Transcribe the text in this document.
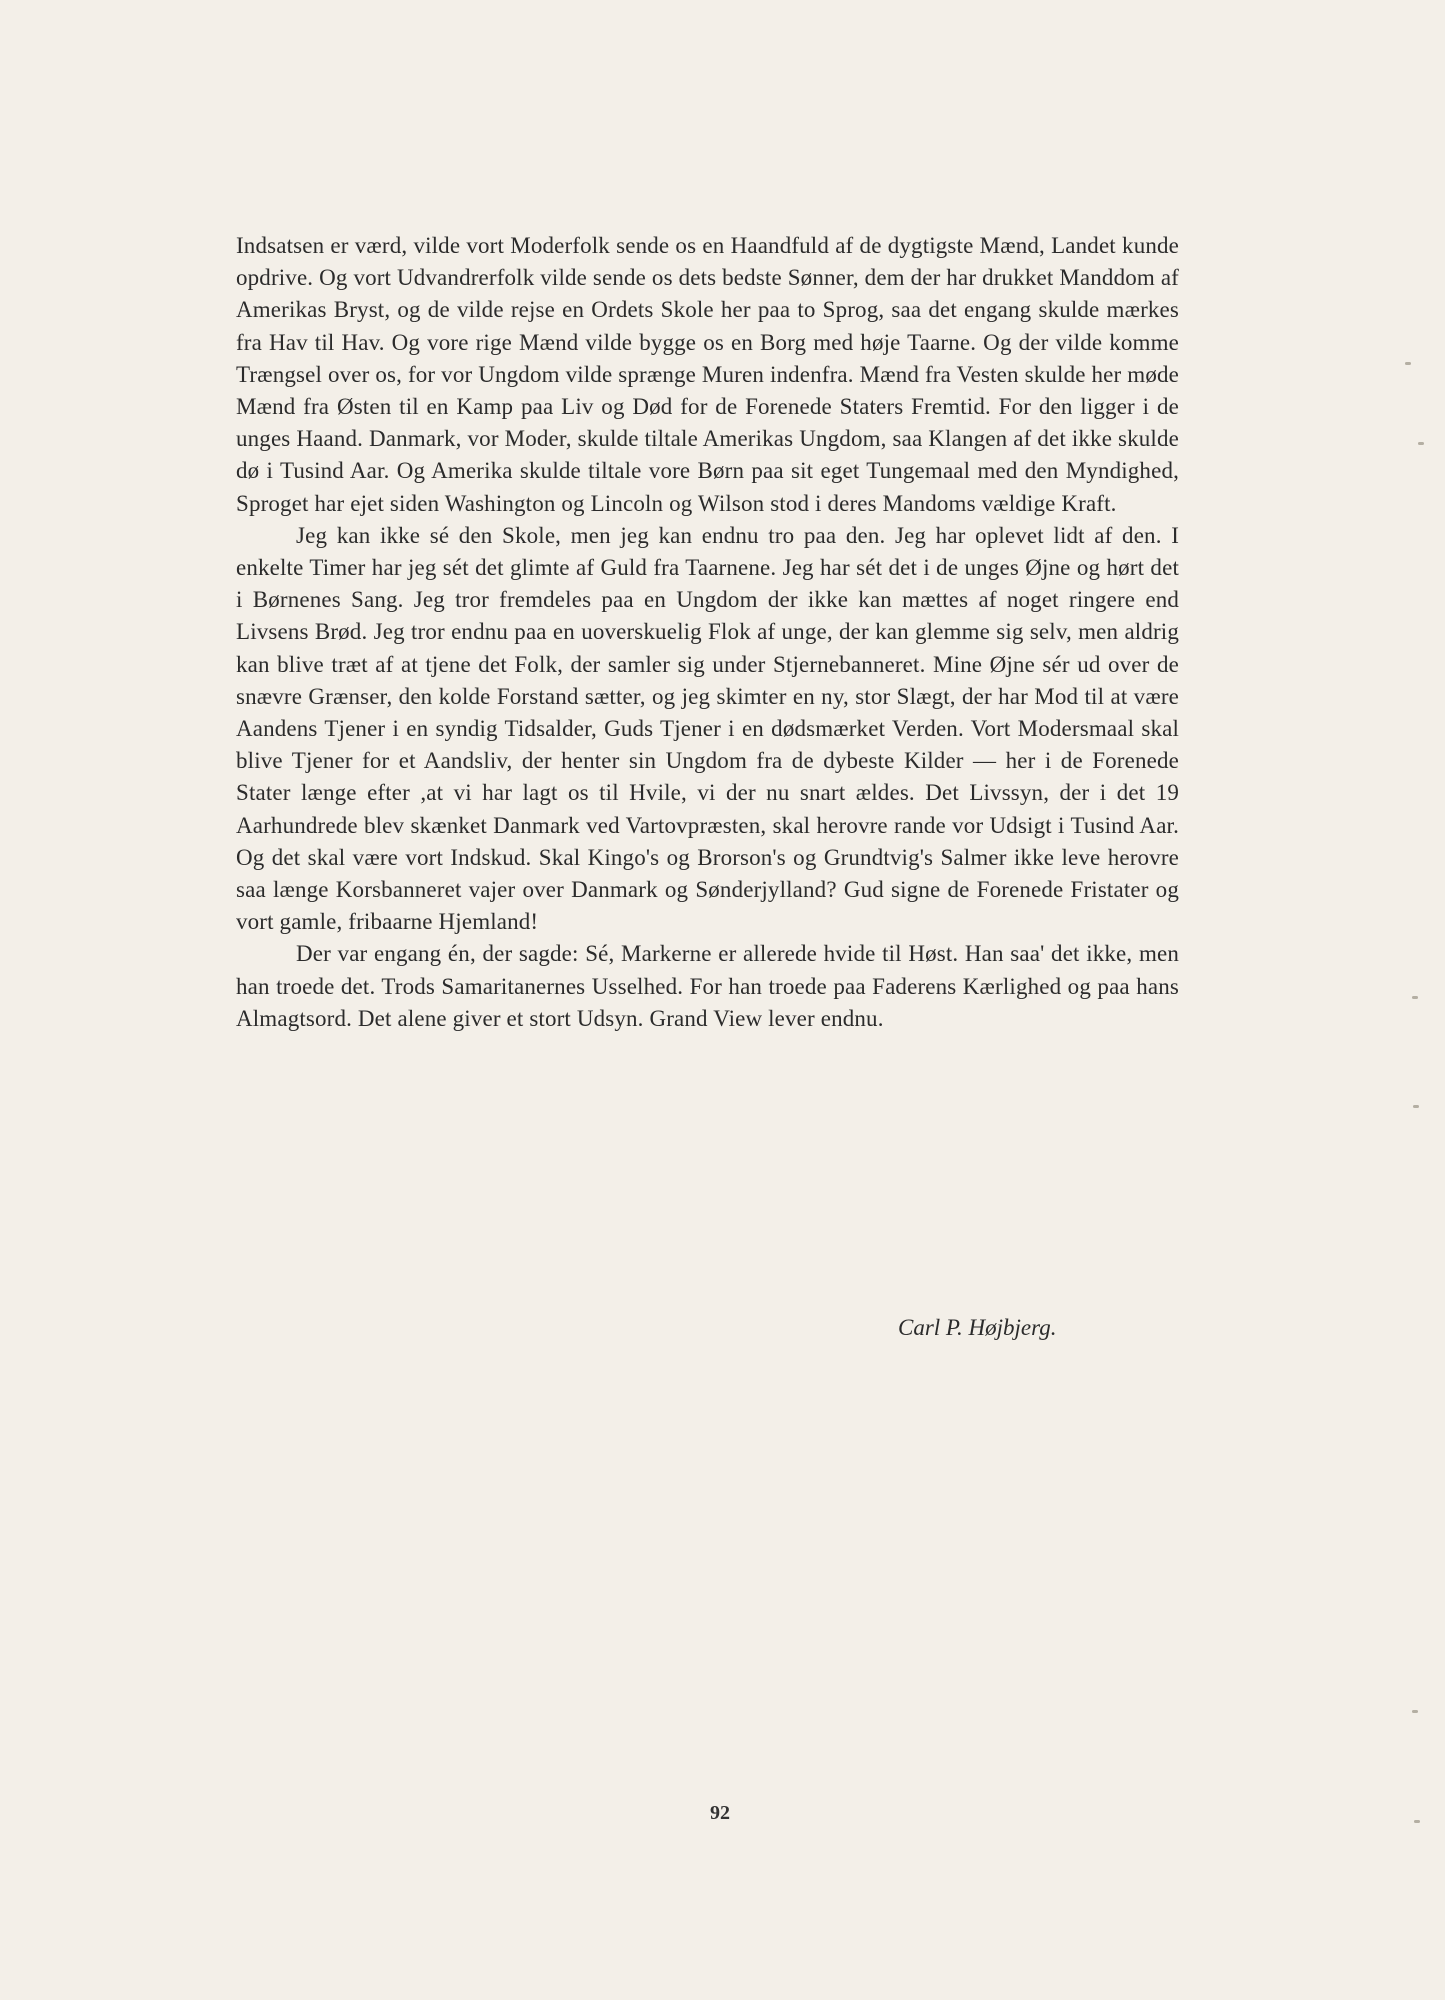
Indsatsen er værd, vilde vort Moderfolk sende os en Haandfuld af de dygtigste Mænd, Landet kunde opdrive. Og vort Udvandrerfolk vilde sende os dets bedste Sønner, dem der har drukket Manddom af Amerikas Bryst, og de vilde rejse en Ordets Skole her paa to Sprog, saa det engang skulde mærkes fra Hav til Hav. Og vore rige Mænd vilde bygge os en Borg med høje Taarne. Og der vilde komme Trængsel over os, for vor Ungdom vilde sprænge Muren indenfra. Mænd fra Vesten skulde her møde Mænd fra Østen til en Kamp paa Liv og Død for de Forenede Staters Fremtid. For den ligger i de unges Haand. Danmark, vor Moder, skulde tiltale Amerikas Ungdom, saa Klangen af det ikke skulde dø i Tusind Aar. Og Amerika skulde tiltale vore Børn paa sit eget Tungemaal med den Myndighed, Sproget har ejet siden Washington og Lincoln og Wilson stod i deres Mandoms vældige Kraft.

Jeg kan ikke sé den Skole, men jeg kan endnu tro paa den. Jeg har oplevet lidt af den. I enkelte Timer har jeg sét det glimte af Guld fra Taarnene. Jeg har sét det i de unges Øjne og hørt det i Børnenes Sang. Jeg tror fremdeles paa en Ungdom der ikke kan mættes af noget ringere end Livsens Brød. Jeg tror endnu paa en uoverskuelig Flok af unge, der kan glemme sig selv, men aldrig kan blive træt af at tjene det Folk, der samler sig under Stjernebanneret. Mine Øjne sér ud over de snævre Grænser, den kolde Forstand sætter, og jeg skimter en ny, stor Slægt, der har Mod til at være Aandens Tjener i en syndig Tidsalder, Guds Tjener i en dødsmærket Verden. Vort Modersmaal skal blive Tjener for et Aandsliv, der henter sin Ungdom fra de dybeste Kilder — her i de Forenede Stater længe efter ,at vi har lagt os til Hvile, vi der nu snart ældes. Det Livssyn, der i det 19 Aarhundrede blev skænket Danmark ved Vartovpræsten, skal herovre rande vor Udsigt i Tusind Aar. Og det skal være vort Indskud. Skal Kingo's og Brorson's og Grundtvig's Salmer ikke leve herovre saa længe Korsbanneret vajer over Danmark og Sønderjylland? Gud signe de Forenede Fristater og vort gamle, fribaarne Hjemland!

Der var engang én, der sagde: Sé, Markerne er allerede hvide til Høst. Han saa' det ikke, men han troede det. Trods Samaritanernes Usselhed. For han troede paa Faderens Kærlighed og paa hans Almagtsord. Det alene giver et stort Udsyn. Grand View lever endnu.

Carl P. Højbjerg.
92
